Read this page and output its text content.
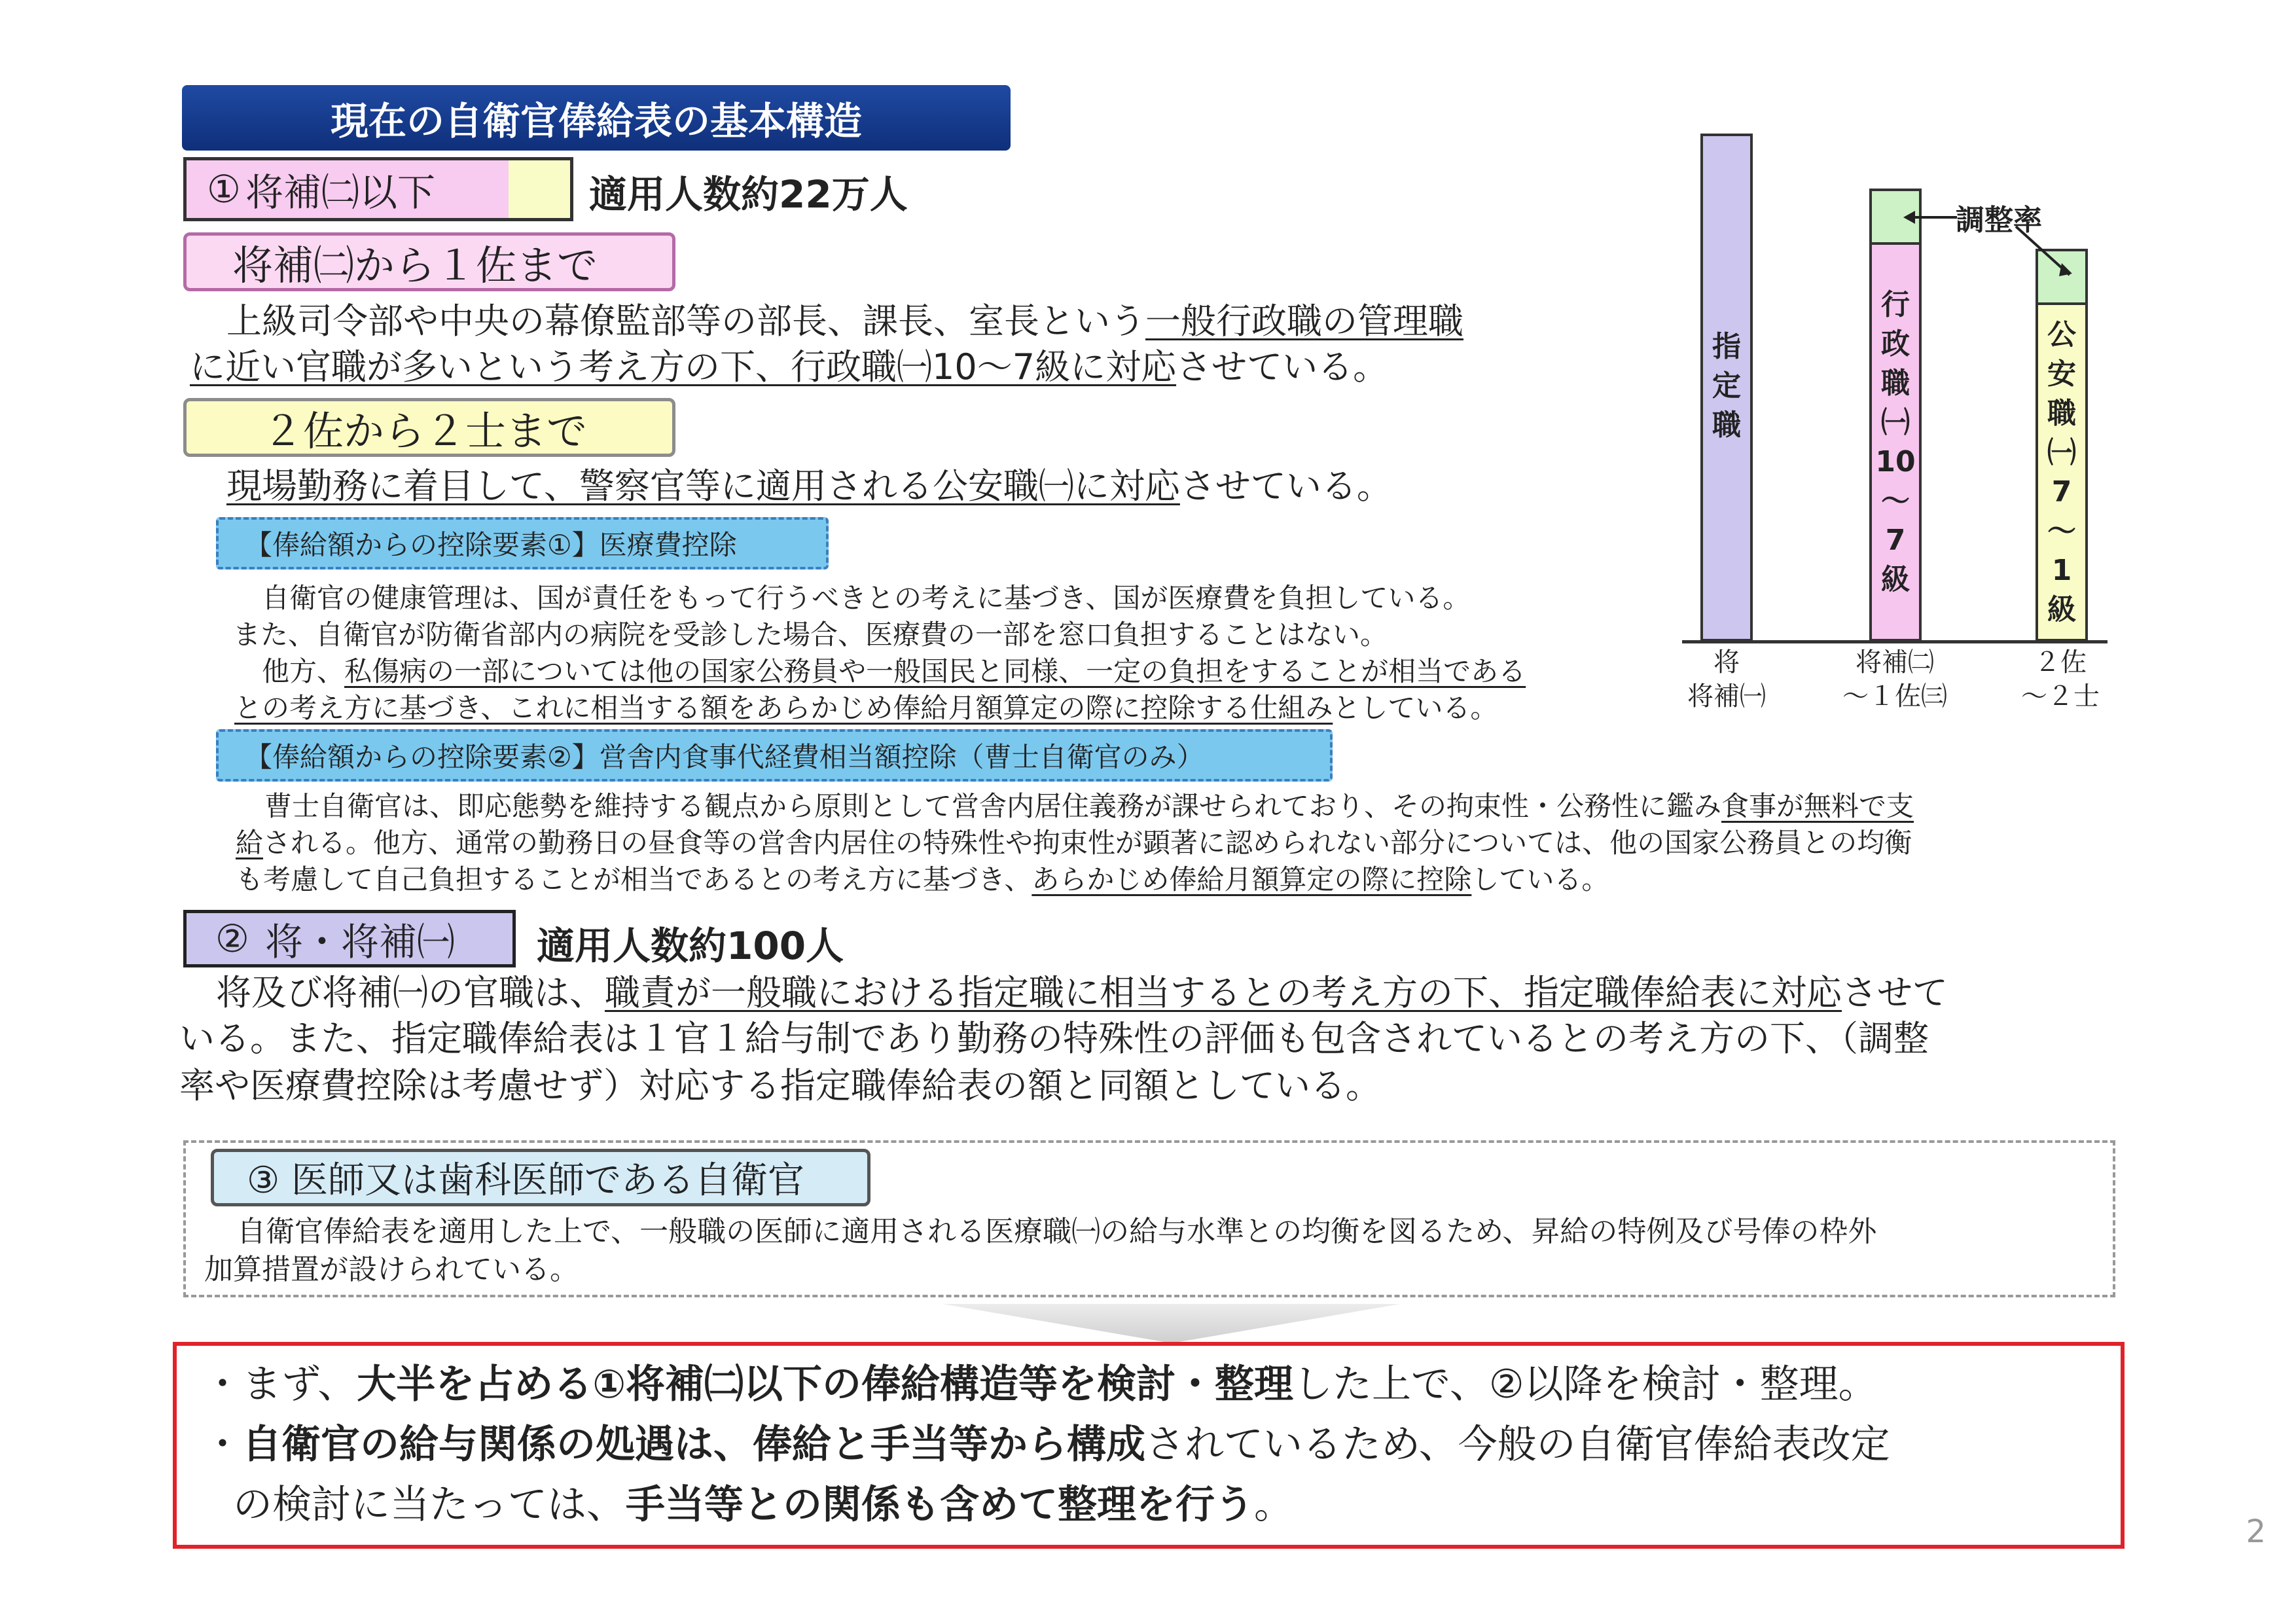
現在の自衛官俸給表の基本構造
将補㈡以下
①	適用人数約22万人
将補㈡から１佐まで
上級司令部や中央の幕僚監部等の部長、課長、室長という一般行政職の管理職
に近い官職が多いという考え方の下、行政職㈠10～7級に対応させている。
２佐から２士まで
現場勤務に着目して、警察官等に適用される公安職㈠に対応させている。
【俸給額からの控除要素①】医療費控除
自衛官の健康管理は、国が責任をもって行うべきとの考えに基づき、国が医療費を負担している。
また、自衛官が防衛省部内の病院を受診した場合、医療費の一部を窓口負担することはない。
他方、私傷病の一部については他の国家公務員や一般国民と同様、一定の負担をすることが相当である
との考え方に基づき、これに相当する額をあらかじめ俸給月額算定の際に控除する仕組みとしている。
【俸給額からの控除要素②】営舎内食事代経費相当額控除（曹士自衛官のみ）
曹士自衛官は、即応態勢を維持する観点から原則として営舎内居住義務が課せられており、その拘束性・公務性に鑑み食事が無料で支
給される。他方、通常の勤務日の昼食等の営舎内居住の特殊性や拘束性が顕著に認められない部分については、他の国家公務員との均衡
も考慮して自己負担することが相当であるとの考え方に基づき、あらかじめ俸給月額算定の際に控除している。
② 将・将補㈠ 適用人数約100人
将及び将補㈠の官職は、職責が一般職における指定職に相当するとの考え方の下、指定職俸給表に対応させて
いる。また、指定職俸給表は１官１給与制であり勤務の特殊性の評価も包含されているとの考え方の下、（調整
率や医療費控除は考慮せず）対応する指定職俸給表の額と同額としている。
③ 医師又は歯科医師である自衛官
自衛官俸給表を適用した上で、一般職の医師に適用される医療職㈠の給与水準との均衡を図るため、昇給の特例及び号俸の枠外
加算措置が設けられている。
・まず、大半を占める①将補㈡以下の俸給構造等を検討・整理した上で、②以降を検討・整理。
・自衛官の給与関係の処遇は、俸給と手当等から構成されているため、今般の自衛官俸給表改定
の検討に当たっては、手当等との関係も含めて整理を行う。
指
定
職
行
政
職
㈠
10
〜
7
級
公
安
職
㈠
7
〜
1
級
調整率
将
将補㈠
将補㈡
～１佐㈢
２佐
～２士
2
